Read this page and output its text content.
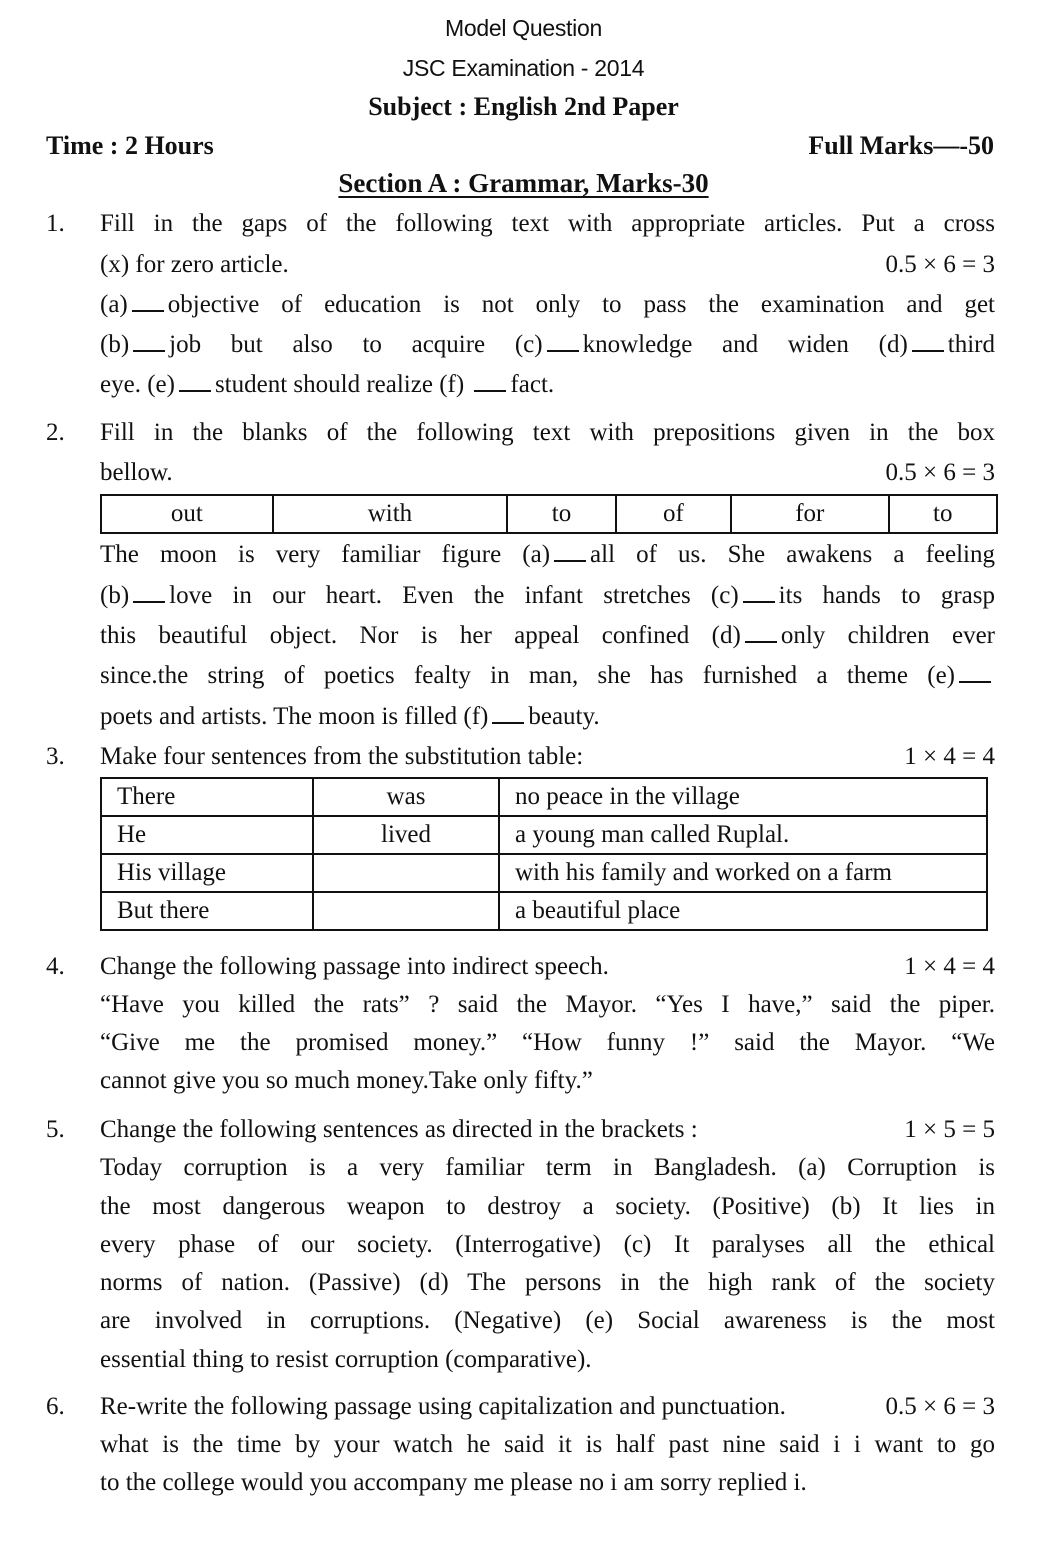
Model Question
JSC Examination - 2014
Subject : English 2nd Paper
Time : 2 Hours	Full Marks—-50
Section A : Grammar, Marks-30
1. Fill in the gaps of the following text with appropriate articles. Put a cross
(x) for zero article.	0.5 × 6 = 3
(a) objective of education is not only to pass the examination and get
(b) job but also to acquire (c) knowledge and widen (d) third
eye. (e) student should realize (f) fact.
2. Fill in the blanks of the following text with prepositions given in the box
bellow.	0.5 × 6 = 3
out	with	to	of	for	to
The moon is very familiar figure (a) all of us. She awakens a feeling
(b) love in our heart. Even the infant stretches (c) its hands to grasp
this beautiful object. Nor is her appeal confined (d) only children ever
since.the string of poetics fealty in man, she has furnished a theme (e)
poets and artists. The moon is filled (f) beauty.
3. Make four sentences from the substitution table:	1 × 4 = 4
There	was	no peace in the village
He	lived	a young man called Ruplal.
His village		with his family and worked on a farm
But there		a beautiful place
4. Change the following passage into indirect speech.	1 × 4 = 4
“Have you killed the rats” ? said the Mayor. “Yes I have,” said the piper.
“Give me the promised money.” “How funny !” said the Mayor. “We
cannot give you so much money.Take only fifty.”
5. Change the following sentences as directed in the brackets :	1 × 5 = 5
Today corruption is a very familiar term in Bangladesh. (a) Corruption is
the most dangerous weapon to destroy a society. (Positive) (b) It lies in
every phase of our society. (Interrogative) (c) It paralyses all the ethical
norms of nation. (Passive) (d) The persons in the high rank of the society
are involved in corruptions. (Negative) (e) Social awareness is the most
essential thing to resist corruption (comparative).
6. Re-write the following passage using capitalization and punctuation.	0.5 × 6 = 3
what is the time by your watch he said it is half past nine said i i want to go
to the college would you accompany me please no i am sorry replied i.
